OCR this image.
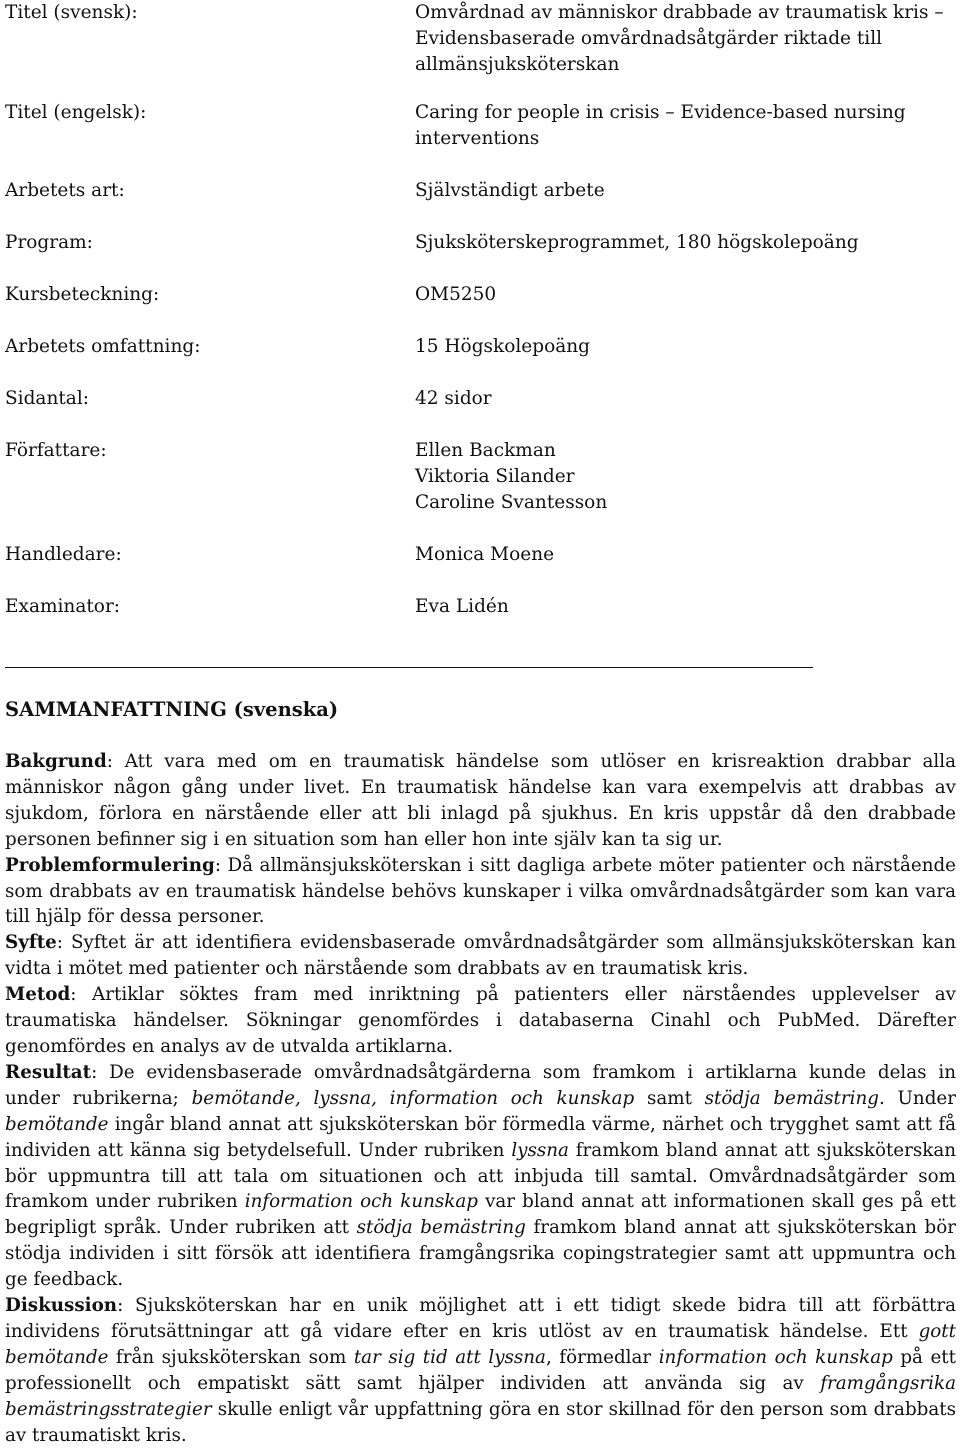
Titel (svensk):	Omvårdnad av människor drabbade av traumatisk kris –
Evidensbaserade omvårdnadsåtgärder riktade till
allmänsjuksköterskan
Titel (engelsk):	Caring for people in crisis – Evidence-based nursing
interventions
Arbetets art:	Självständigt arbete
Program:	Sjuksköterskeprogrammet, 180 högskolepoäng
Kursbeteckning:	OM5250
Arbetets omfattning:	15 Högskolepoäng
Sidantal:	42 sidor
Författare:	Ellen Backman
Viktoria Silander
Caroline Svantesson
Handledare:	Monica Moene
Examinator:	Eva Lidén
SAMMANFATTNING (svenska)

Bakgrund: Att vara med om en traumatisk händelse som utlöser en krisreaktion drabbar alla människor någon gång under livet. En traumatisk händelse kan vara exempelvis att drabbas av sjukdom, förlora en närstående eller att bli inlagd på sjukhus. En kris uppstår då den drabbade personen befinner sig i en situation som han eller hon inte själv kan ta sig ur.

Problemformulering: Då allmänsjuksköterskan i sitt dagliga arbete möter patienter och närstående som drabbats av en traumatisk händelse behövs kunskaper i vilka omvårdnadsåtgärder som kan vara till hjälp för dessa personer.

Syfte: Syftet är att identifiera evidensbaserade omvårdnadsåtgärder som allmänsjuksköterskan kan vidta i mötet med patienter och närstående som drabbats av en traumatisk kris.

Metod: Artiklar söktes fram med inriktning på patienters eller närståendes upplevelser av traumatiska händelser. Sökningar genomfördes i databaserna Cinahl och PubMed. Därefter genomfördes en analys av de utvalda artiklarna.

Resultat: De evidensbaserade omvårdnadsåtgärderna som framkom i artiklarna kunde delas in under rubrikerna; bemötande, lyssna, information och kunskap samt stödja bemästring. Under bemötande ingår bland annat att sjuksköterskan bör förmedla värme, närhet och trygghet samt att få individen att känna sig betydelsefull. Under rubriken lyssna framkom bland annat att sjuksköterskan bör uppmuntra till att tala om situationen och att inbjuda till samtal. Omvårdnadsåtgärder som framkom under rubriken information och kunskap var bland annat att informationen skall ges på ett begripligt språk. Under rubriken att stödja bemästring framkom bland annat att sjuksköterskan bör stödja individen i sitt försök att identifiera framgångsrika copingstrategier samt att uppmuntra och ge feedback.

Diskussion: Sjuksköterskan har en unik möjlighet att i ett tidigt skede bidra till att förbättra individens förutsättningar att gå vidare efter en kris utlöst av en traumatisk händelse. Ett gott bemötande från sjuksköterskan som tar sig tid att lyssna, förmedlar information och kunskap på ett professionellt och empatiskt sätt samt hjälper individen att använda sig av framgångsrika bemästringsstrategier skulle enligt vår uppfattning göra en stor skillnad för den person som drabbats av traumatiskt kris.
